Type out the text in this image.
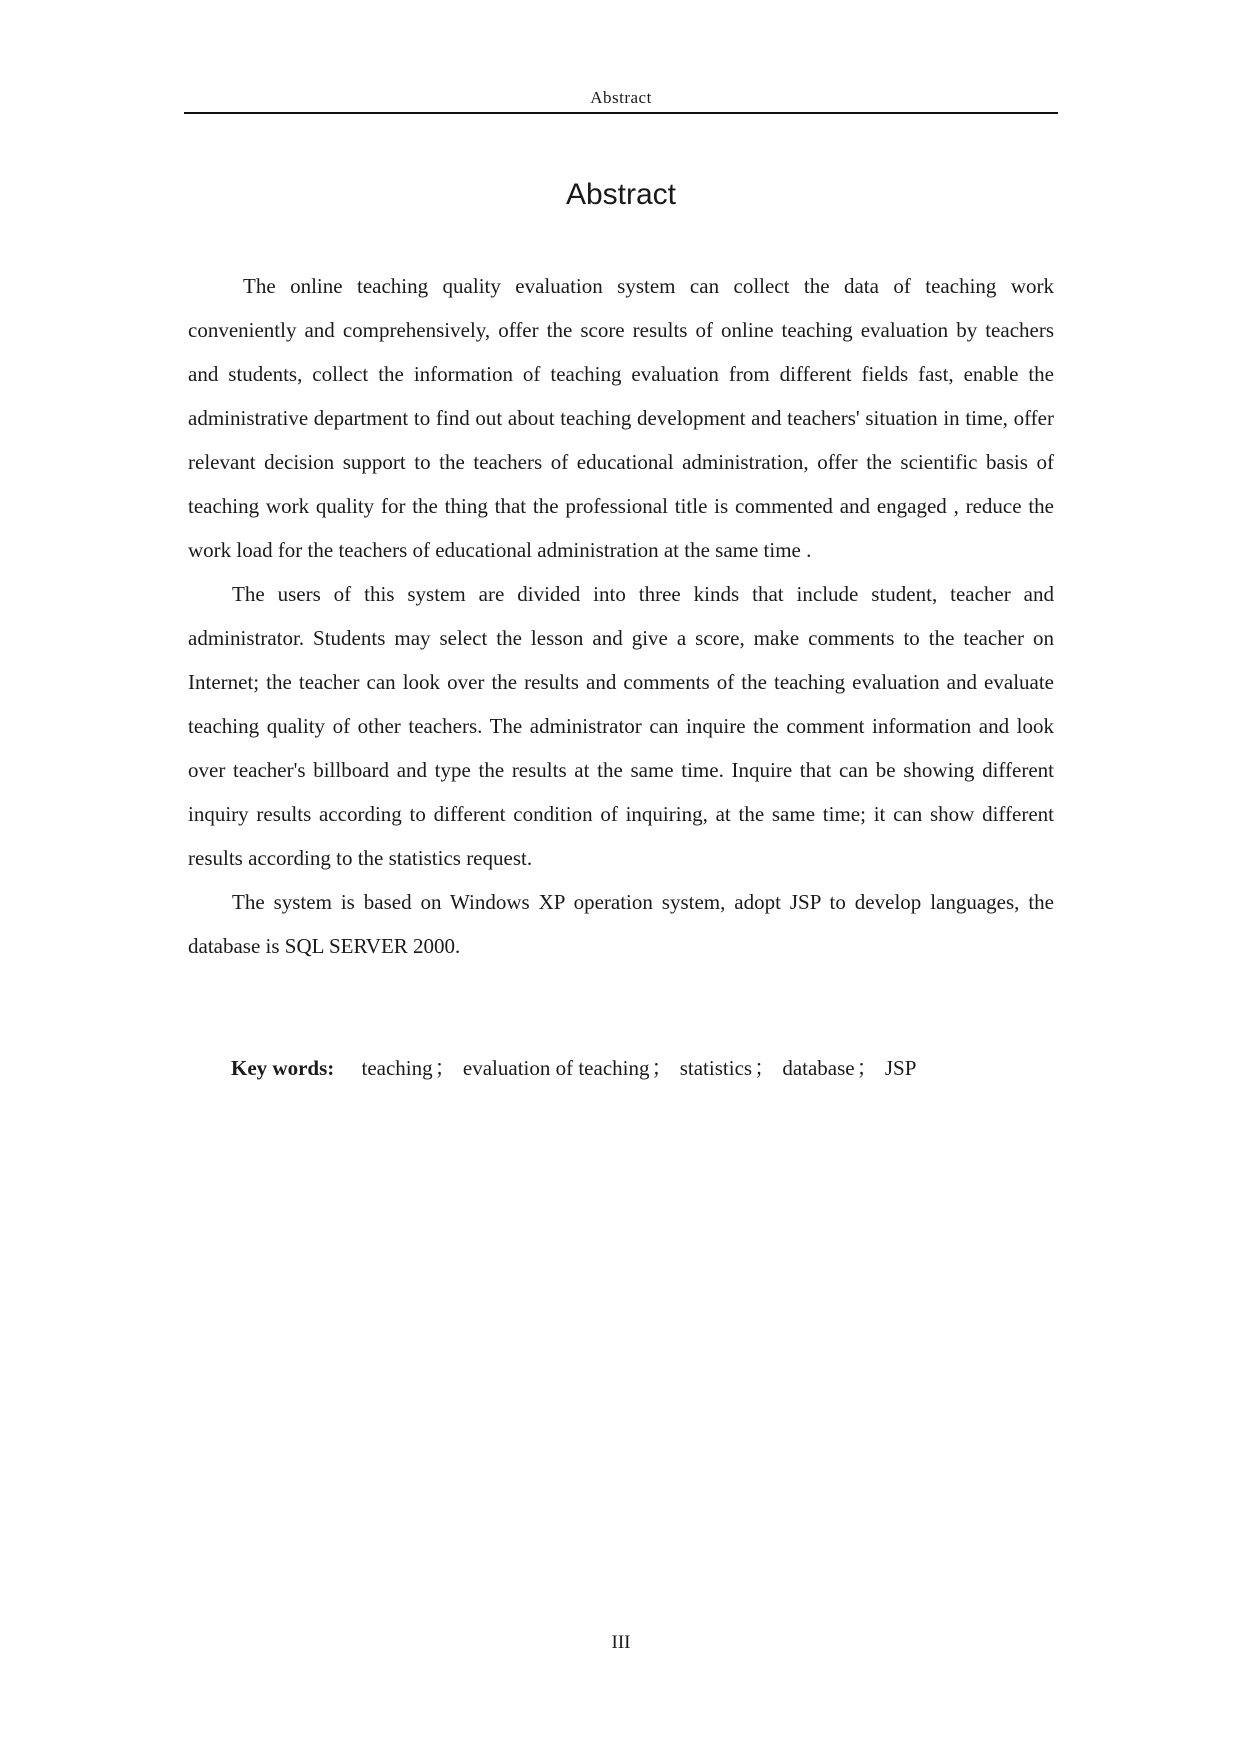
Abstract
Abstract

The online teaching quality evaluation system can collect the data of teaching work conveniently and comprehensively, offer the score results of online teaching evaluation by teachers and students, collect the information of teaching evaluation from different fields fast, enable the administrative department to find out about teaching development and teachers' situation in time, offer relevant decision support to the teachers of educational administration, offer the scientific basis of teaching work quality for the thing that the professional title is commented and engaged , reduce the work load for the teachers of educational administration at the same time .

The users of this system are divided into three kinds that include student, teacher and administrator. Students may select the lesson and give a score, make comments to the teacher on Internet; the teacher can look over the results and comments of the teaching evaluation and evaluate teaching quality of other teachers. The administrator can inquire the comment information and look over teacher's billboard and type the results at the same time. Inquire that can be showing different inquiry results according to different condition of inquiring, at the same time; it can show different results according to the statistics request.

The system is based on Windows XP operation system, adopt JSP to develop languages, the database is SQL SERVER 2000.

Key words: teaching； evaluation of teaching； statistics； database； JSP
III
